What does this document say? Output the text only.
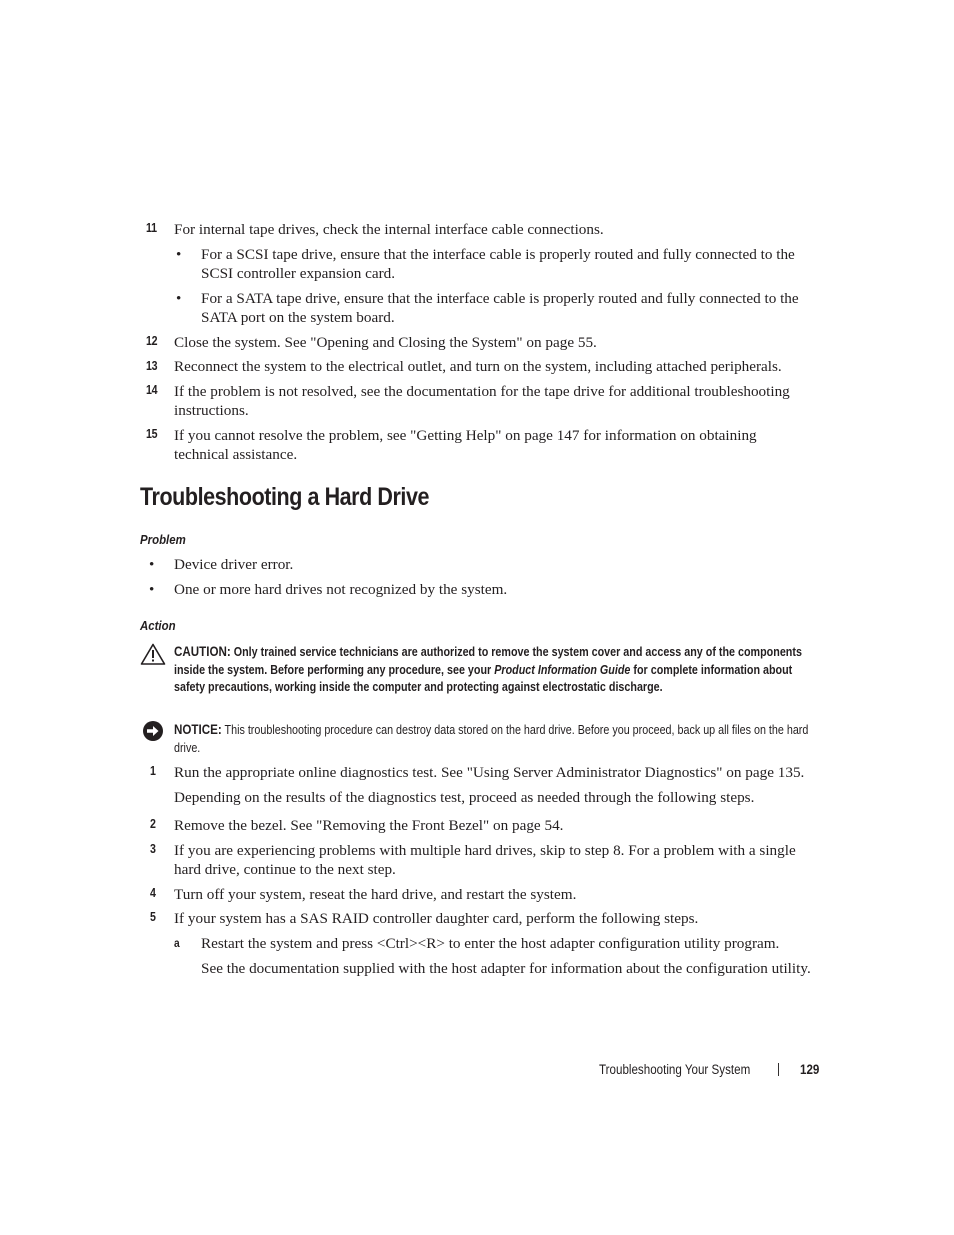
11 For internal tape drives, check the internal interface cable connections.
• For a SCSI tape drive, ensure that the interface cable is properly routed and fully connected to the SCSI controller expansion card.
• For a SATA tape drive, ensure that the interface cable is properly routed and fully connected to the SATA port on the system board.
12 Close the system. See "Opening and Closing the System" on page 55.
13 Reconnect the system to the electrical outlet, and turn on the system, including attached peripherals.
14 If the problem is not resolved, see the documentation for the tape drive for additional troubleshooting instructions.
15 If you cannot resolve the problem, see "Getting Help" on page 147 for information on obtaining technical assistance.
Troubleshooting a Hard Drive
Problem
• Device driver error.
• One or more hard drives not recognized by the system.
Action
CAUTION: Only trained service technicians are authorized to remove the system cover and access any of the components inside the system. Before performing any procedure, see your Product Information Guide for complete information about safety precautions, working inside the computer and protecting against electrostatic discharge.
NOTICE: This troubleshooting procedure can destroy data stored on the hard drive. Before you proceed, back up all files on the hard drive.
1 Run the appropriate online diagnostics test. See "Using Server Administrator Diagnostics" on page 135.
Depending on the results of the diagnostics test, proceed as needed through the following steps.
2 Remove the bezel. See "Removing the Front Bezel" on page 54.
3 If you are experiencing problems with multiple hard drives, skip to step 8. For a problem with a single hard drive, continue to the next step.
4 Turn off your system, reseat the hard drive, and restart the system.
5 If your system has a SAS RAID controller daughter card, perform the following steps.
a Restart the system and press <Ctrl><R> to enter the host adapter configuration utility program.
See the documentation supplied with the host adapter for information about the configuration utility.
Troubleshooting Your System | 129
